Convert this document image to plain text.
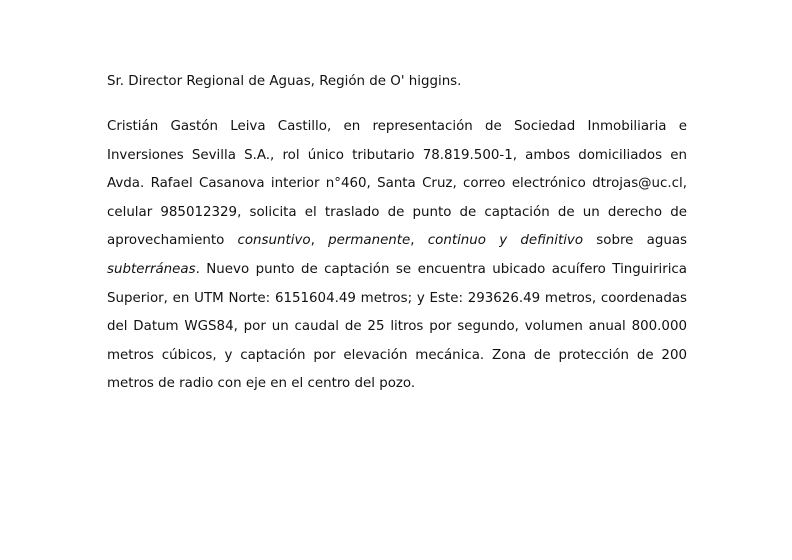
Sr. Director Regional de Aguas, Región de O' higgins.

Cristián Gastón Leiva Castillo, en representación de Sociedad Inmobiliaria e Inversiones Sevilla S.A., rol único tributario 78.819.500-1, ambos domiciliados en Avda. Rafael Casanova interior n°460, Santa Cruz, correo electrónico dtrojas@uc.cl, celular 985012329, solicita el traslado de punto de captación de un derecho de aprovechamiento consuntivo, permanente, continuo y definitivo sobre aguas subterráneas. Nuevo punto de captación se encuentra ubicado acuífero Tinguiririca Superior, en UTM Norte: 6151604.49 metros; y Este: 293626.49 metros, coordenadas del Datum WGS84, por un caudal de 25 litros por segundo, volumen anual 800.000 metros cúbicos, y captación por elevación mecánica. Zona de protección de 200 metros de radio con eje en el centro del pozo.
